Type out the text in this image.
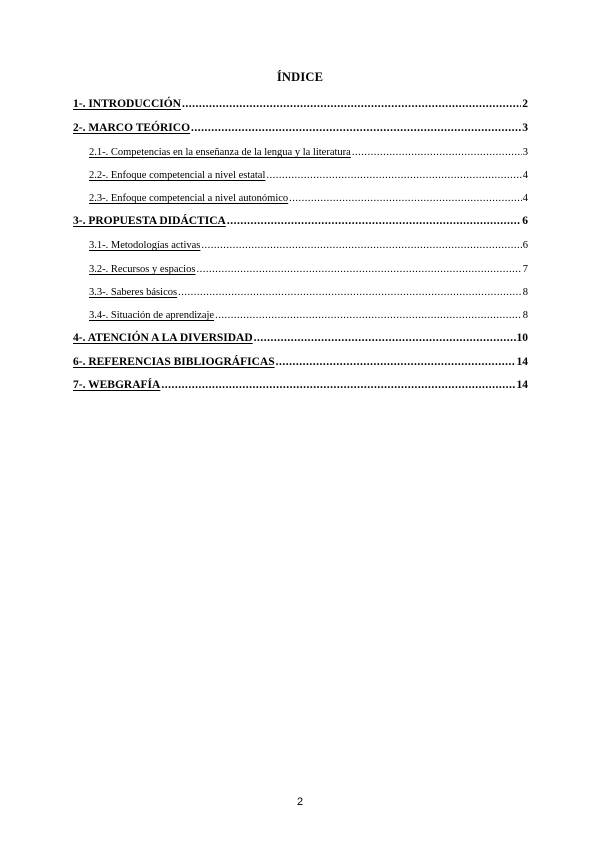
ÍNDICE
1-. INTRODUCCIÓN .....	2
2-. MARCO TEÓRICO .....	3
2.1-. Competencias en la enseñanza de la lengua y la literatura .....	3
2.2-. Enfoque competencial a nivel estatal .....	4
2.3-. Enfoque competencial a nivel autonómico .....	4
3-. PROPUESTA DIDÁCTICA .....	6
3.1-. Metodologías activas .....	6
3.2-. Recursos y espacios .....	7
3.3-. Saberes básicos .....	8
3.4-. Situación de aprendizaje .....	8
4-. ATENCIÓN A LA DIVERSIDAD .....	10
6-. REFERENCIAS BIBLIOGRÁFICAS .....	14
7-. WEBGRAFÍA .....	14
2
